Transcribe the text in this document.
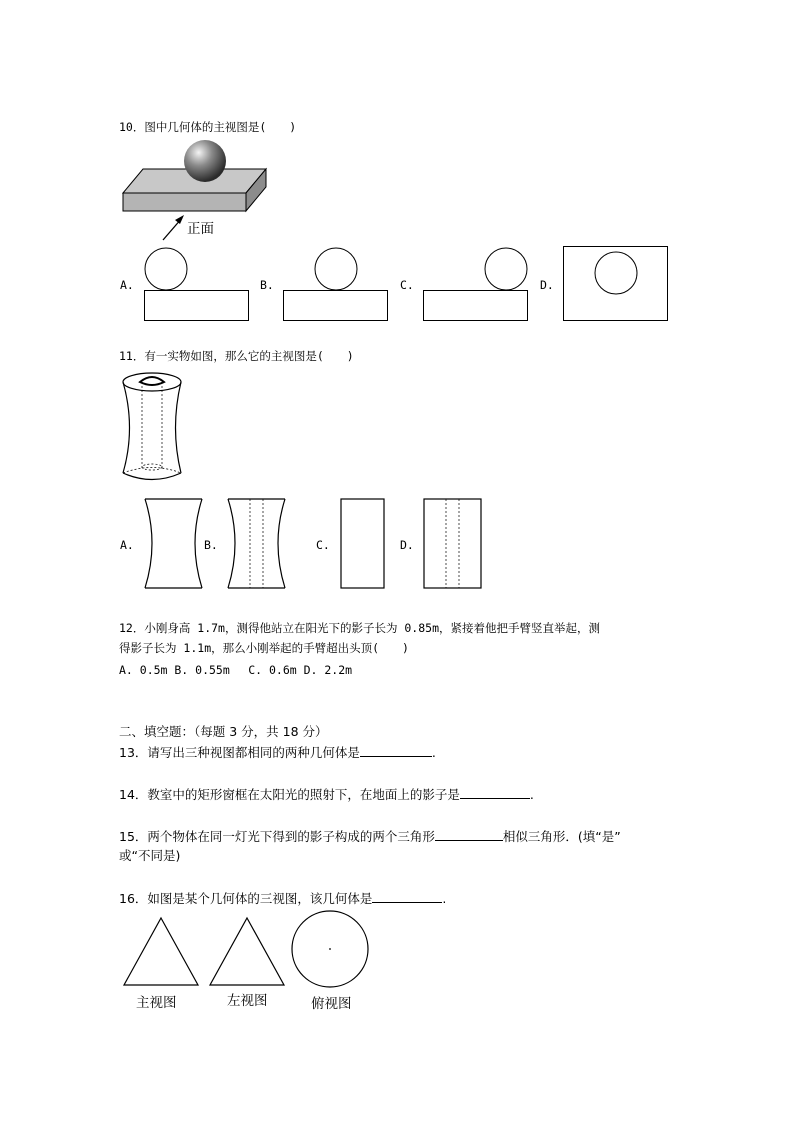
10．图中几何体的主视图是(　　)
正面
A.	B.	C.	D.
11．有一实物如图，那么它的主视图是(　　)
A.	B.	C.	D.
12．小刚身高 1.7m，测得他站立在阳光下的影子长为 0.85m，紧接着他把手臂竖直举起，测
得影子长为 1.1m，那么小刚举起的手臂超出头顶(　　)
A. 0.5m B. 0.55m　 C. 0.6m D. 2.2m
二、填空题：（每题 3 分，共 18 分）
13．请写出三种视图都相同的两种几何体是	.
14．教室中的矩形窗框在太阳光的照射下，在地面上的影子是	.
15．两个物体在同一灯光下得到的影子构成的两个三角形	相似三角形．(填“是”
或“不同是)
16．如图是某个几何体的三视图，该几何体是	.
主视图	左视图	俯视图
